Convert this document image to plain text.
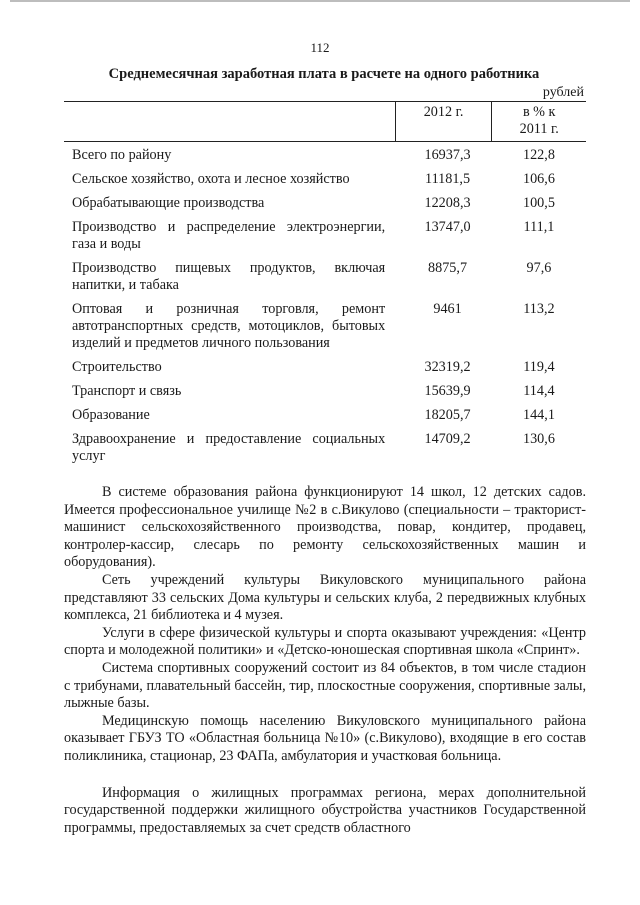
112
Среднемесячная заработная плата в расчете на одного работника
рублей
	2012 г.	в % к
2011 г.

Всего по району	16937,3	122,8
Сельское хозяйство, охота и лесное хозяйство	11181,5	106,6
Обрабатывающие производства	12208,3	100,5
Производство и распределение электроэнергии, газа и воды	13747,0	111,1
Производство пищевых продуктов, включая напитки, и табака	8875,7	97,6
Оптовая и розничная торговля, ремонт автотранспортных средств, мотоциклов, бытовых изделий и предметов личного пользования	9461	113,2
Строительство	32319,2	119,4
Транспорт и связь	15639,9	114,4
Образование	18205,7	144,1
Здравоохранение и предоставление социальных услуг	14709,2	130,6

В системе образования района функционируют 14 школ, 12 детских садов. Имеется профессиональное училище №2 в с.Викулово (специальности – тракторист-машинист сельскохозяйственного производства, повар, кондитер, продавец, контролер-кассир, слесарь по ремонту сельскохозяйственных машин и оборудования).

Сеть учреждений культуры Викуловского муниципального района представляют 33 сельских Дома культуры и сельских клуба, 2 передвижных клубных комплекса, 21 библиотека и 4 музея.

Услуги в сфере физической культуры и спорта оказывают учреждения: «Центр спорта и молодежной политики» и «Детско-юношеская спортивная школа «Спринт».

Система спортивных сооружений состоит из 84 объектов, в том числе стадион с трибунами, плавательный бассейн, тир, плоскостные сооружения, спортивные залы, лыжные базы.

Медицинскую помощь населению Викуловского муниципального района оказывает ГБУЗ ТО «Областная больница №10» (с.Викулово), входящие в его состав поликлиника, стационар, 23 ФАПа, амбулатория и участковая больница.

Информация о жилищных программах региона, мерах дополнительной государственной поддержки жилищного обустройства участников Государственной программы, предоставляемых за счет средств областного
